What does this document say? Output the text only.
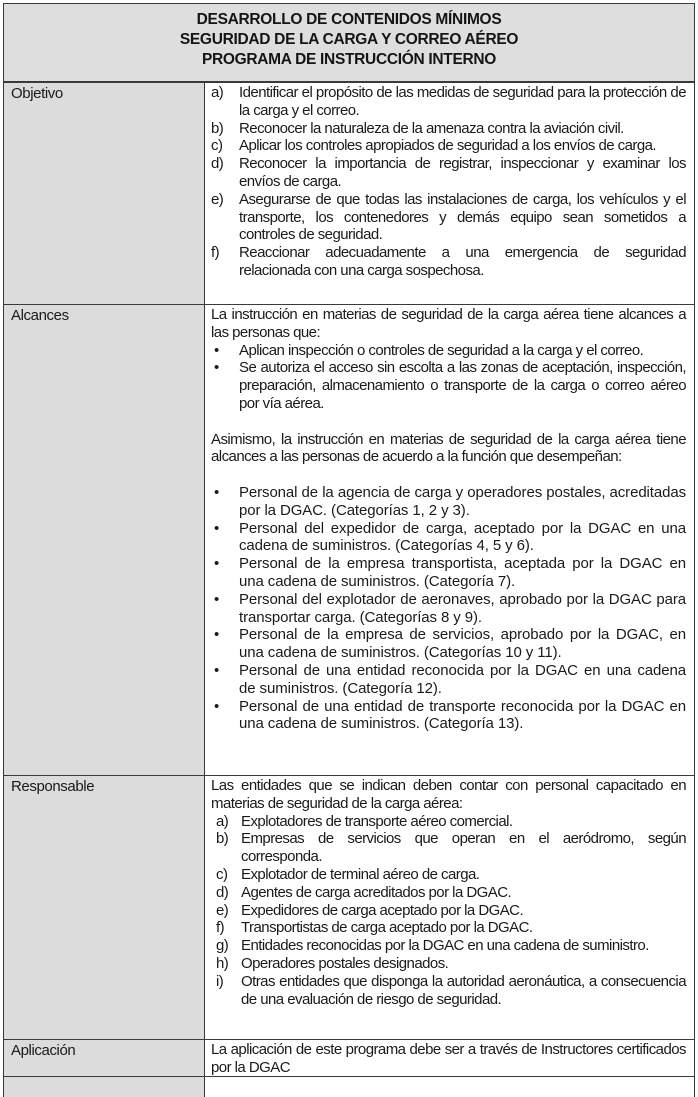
DESARROLLO DE CONTENIDOS MÍNIMOS
SEGURIDAD DE LA CARGA Y CORREO AÉREO
PROGRAMA DE INSTRUCCIÓN INTERNO
Objetivo	a)	Identificar el propósito de las medidas de seguridad para la protección de la carga y el correo.
b)	Reconocer la naturaleza de la amenaza contra la aviación civil.
c)	Aplicar los controles apropiados de seguridad a los envíos de carga.
d)	Reconocer la importancia de registrar, inspeccionar y examinar los envíos de carga.
e)	Asegurarse de que todas las instalaciones de carga, los vehículos y el transporte, los contenedores y demás equipo sean sometidos a controles de seguridad.
f)	Reaccionar adecuadamente a una emergencia de seguridad relacionada con una carga sospechosa.
Alcances	La instrucción en materias de seguridad de la carga aérea tiene alcances a las personas que:
•	Aplican inspección o controles de seguridad a la carga y el correo.
•	Se autoriza el acceso sin escolta a las zonas de aceptación, inspección, preparación, almacenamiento o transporte de la carga o correo aéreo por vía aérea.
Asimismo, la instrucción en materias de seguridad de la carga aérea tiene alcances a las personas de acuerdo a la función que desempeñan:
•	Personal de la agencia de carga y operadores postales, acreditadas por la DGAC. (Categorías 1, 2 y 3).
•	Personal del expedidor de carga, aceptado por la DGAC en una cadena de suministros. (Categorías 4, 5 y 6).
•	Personal de la empresa transportista, aceptada por la DGAC en una cadena de suministros. (Categoría 7).
•	Personal del explotador de aeronaves, aprobado por la DGAC para transportar carga. (Categorías 8 y 9).
•	Personal de la empresa de servicios, aprobado por la DGAC, en una cadena de suministros. (Categorías 10 y 11).
•	Personal de una entidad reconocida por la DGAC en una cadena de suministros. (Categoría 12).
•	Personal de una entidad de transporte reconocida por la DGAC en una cadena de suministros. (Categoría 13).
Responsable	Las entidades que se indican deben contar con personal capacitado en materias de seguridad de la carga aérea:
a) Explotadores de transporte aéreo comercial.
b) Empresas de servicios que operan en el aeródromo, según corresponda.
c) Explotador de terminal aéreo de carga.
d) Agentes de carga acreditados por la DGAC.
e) Expedidores de carga aceptado por la DGAC.
f)	Transportistas de carga aceptado por la DGAC.
g) Entidades reconocidas por la DGAC en una cadena de suministro.
h) Operadores postales designados.
i)	Otras entidades que disponga la autoridad aeronáutica, a consecuencia de una evaluación de riesgo de seguridad.
Aplicación	La aplicación de este programa debe ser a través de Instructores certificados por la DGAC
